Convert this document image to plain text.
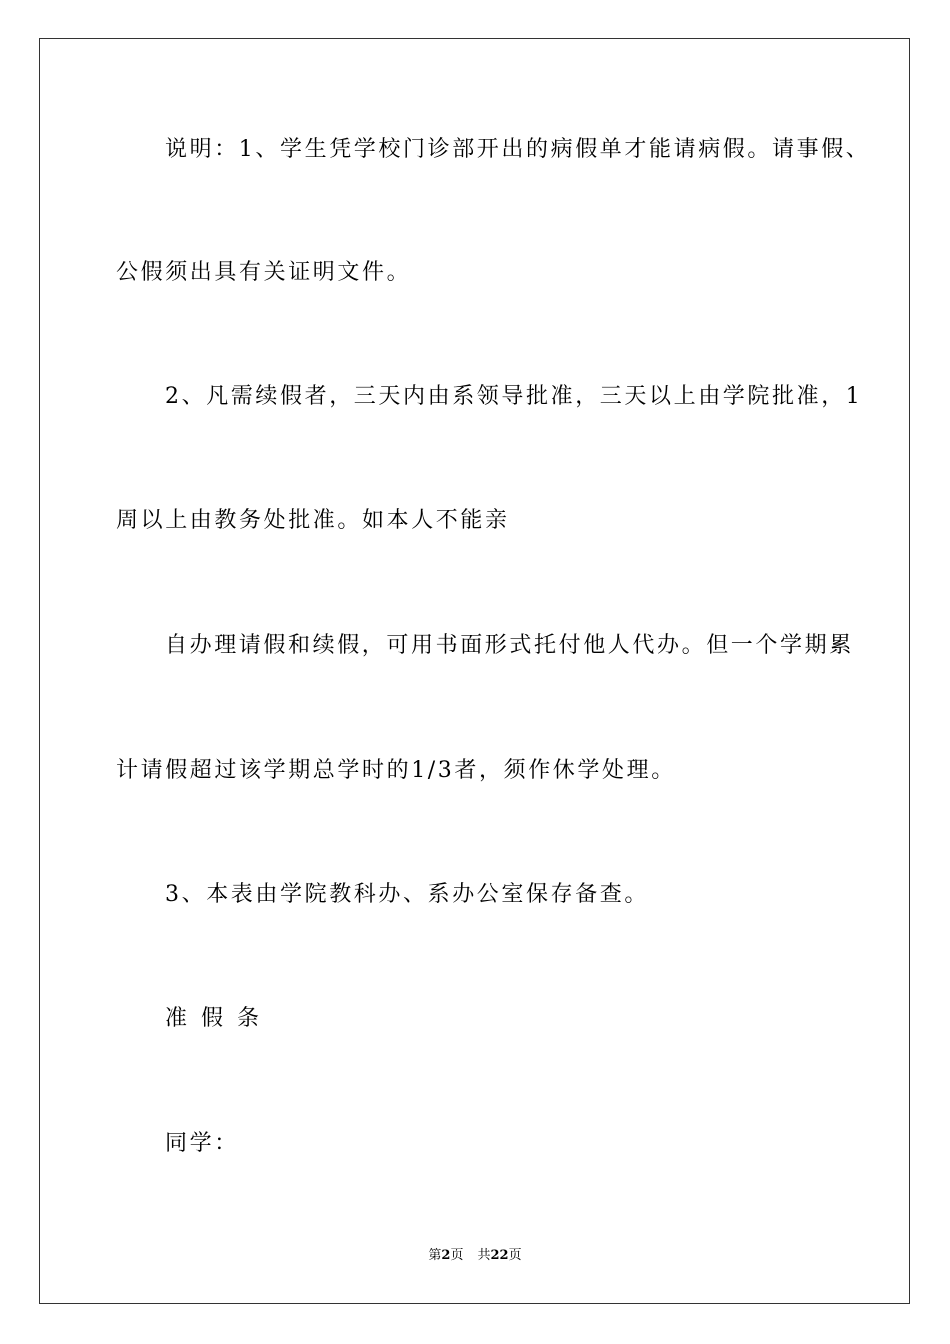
说明：1、学生凭学校门诊部开出的病假单才能请病假。请事假、
公假须出具有关证明文件。
2、凡需续假者，三天内由系领导批准，三天以上由学院批准，1
周以上由教务处批准。如本人不能亲
自办理请假和续假，可用书面形式托付他人代办。但一个学期累
计请假超过该学期总学时的1/3者，须作休学处理。
3、本表由学院教科办、系办公室保存备查。
准假条
同学：
第2页 共22页
